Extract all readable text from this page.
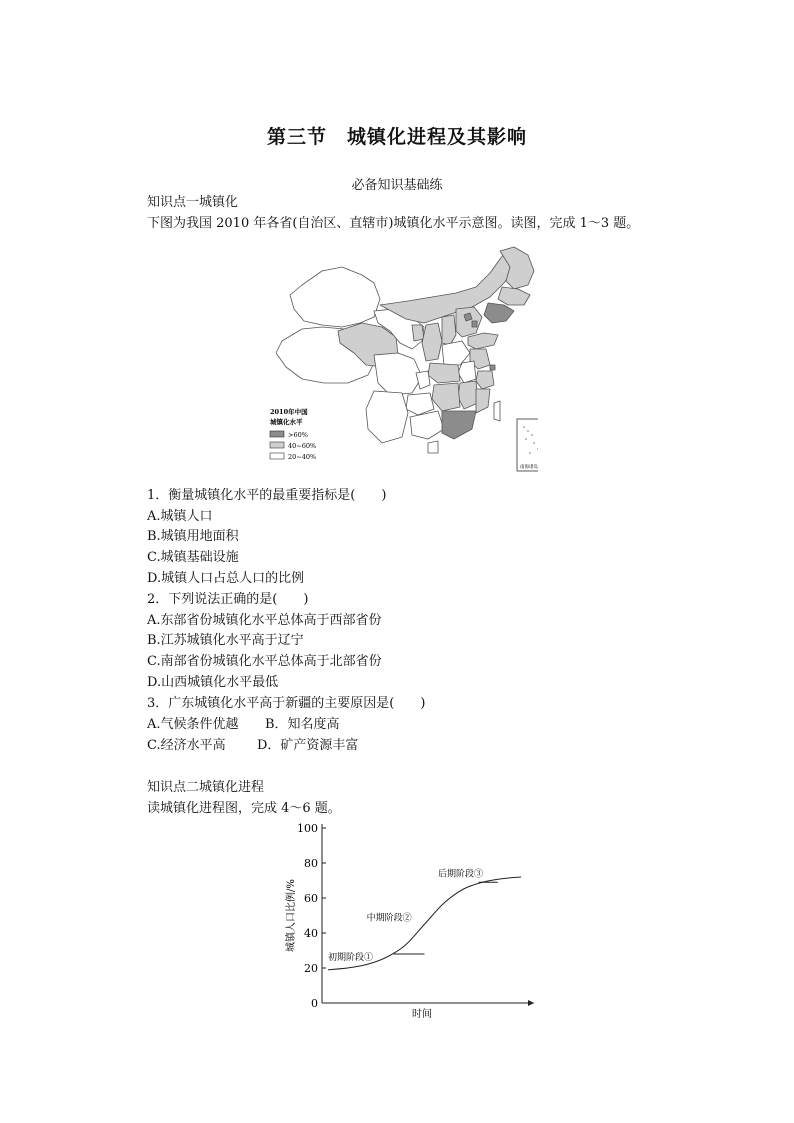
第三节　城镇化进程及其影响
必备知识基础练
知识点一城镇化
下图为我国 2010 年各省(自治区、直辖市)城镇化水平示意图。读图，完成 1～3 题。
南海诸岛
2010年中国
城镇化水平
>60%
40~60%
20~40%
1．衡量城镇化水平的最重要指标是(　　)
A.城镇人口
B.城镇用地面积
C.城镇基础设施
D.城镇人口占总人口的比例
2．下列说法正确的是(　　)
A.东部省份城镇化水平总体高于西部省份
B.江苏城镇化水平高于辽宁
C.南部省份城镇化水平总体高于北部省份
D.山西城镇化水平最低
3．广东城镇化水平高于新疆的主要原因是(　　)
A.气候条件优越 B．知名度高
C.经济水平高 D．矿产资源丰富
知识点二城镇化进程
读城镇化进程图，完成 4～6 题。
0
20
40
60
80
100
城镇人口比例/%
时间
初期阶段①
中期阶段②
后期阶段③
